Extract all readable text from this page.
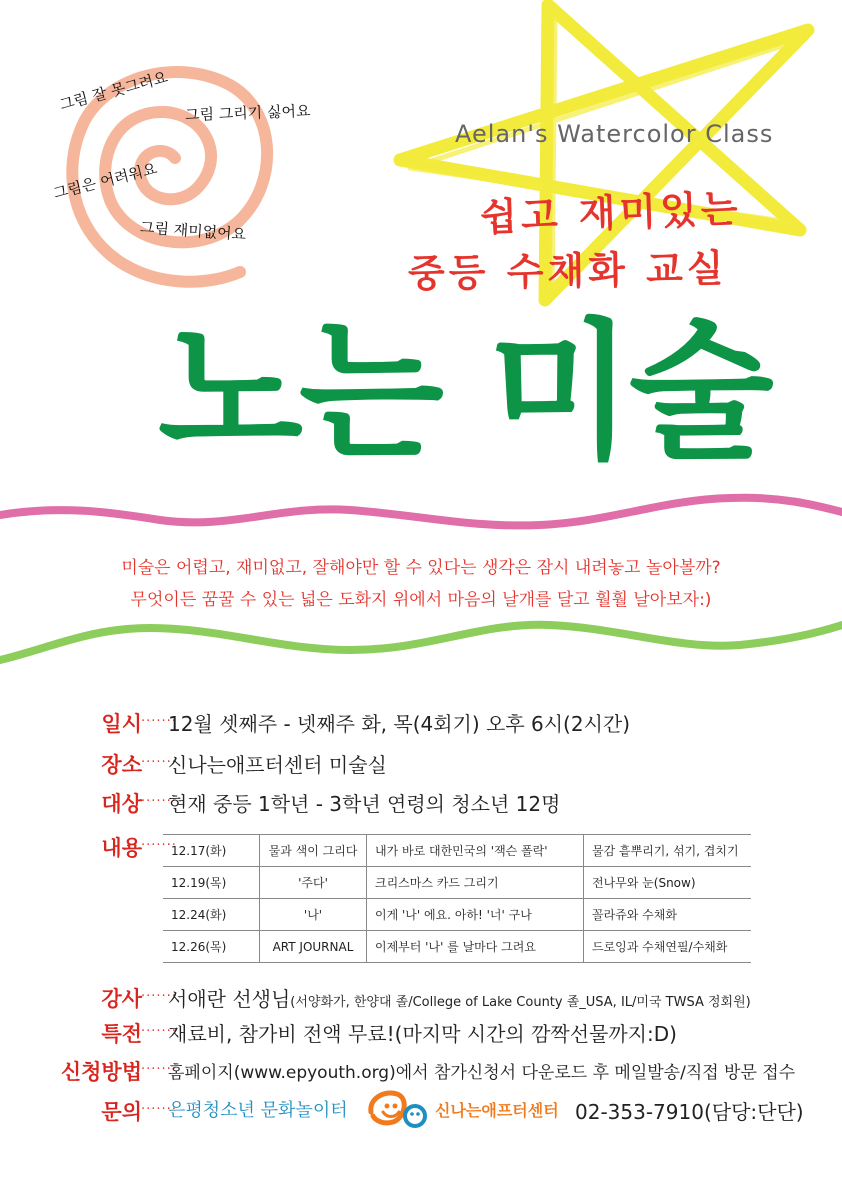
그림 잘 못그려요 그림 그리기 싫어요
그림은 어려워요
그림 재미없어요
Aelan's Watercolor Class
쉽고 재미있는
중등 수채화 교실
노는 미술
미술은 어렵고, 재미없고, 잘해야만 할 수 있다는 생각은 잠시 내려놓고 놀아볼까?
무엇이든 꿈꿀 수 있는 넓은 도화지 위에서 마음의 날개를 달고 훨훨 날아보자:)
일시 ·······
12월 셋째주 - 넷째주 화, 목(4회기) 오후 6시(2시간)
장소 ·······
신나는애프터센터 미술실
대상 ·······
현재 중등 1학년 - 3학년 연령의 청소년 12명
내용 ·······
12.17(화)	물과 색이 그리다	내가 바로 대한민국의 '잭슨 폴락'	물감 흩뿌리기, 섞기, 겹치기
12.19(목)	'주다'	크리스마스 카드 그리기	전나무와 눈(Snow)
12.24(화)	'나'	이게 '나' 에요. 아하! '너' 구나	꼴라쥬와 수채화
12.26(목)	ART JOURNAL	이제부터 '나' 를 날마다 그려요	드로잉과 수채연필/수채화
강사 ·······
서애란 선생님(서양화가, 한양대 졸/College of Lake County 졸_USA, IL/미국 TWSA 정회원)
특전 ·······
재료비, 참가비 전액 무료!(마지막 시간의 깜짝선물까지:D)
신청방법 ·······
홈페이지(www.epyouth.org)에서 참가신청서 다운로드 후 메일발송/직접 방문 접수
문의 ·······
은평청소년 문화놀이터	신나는애프터센터 02-353-7910(담당:단단)
